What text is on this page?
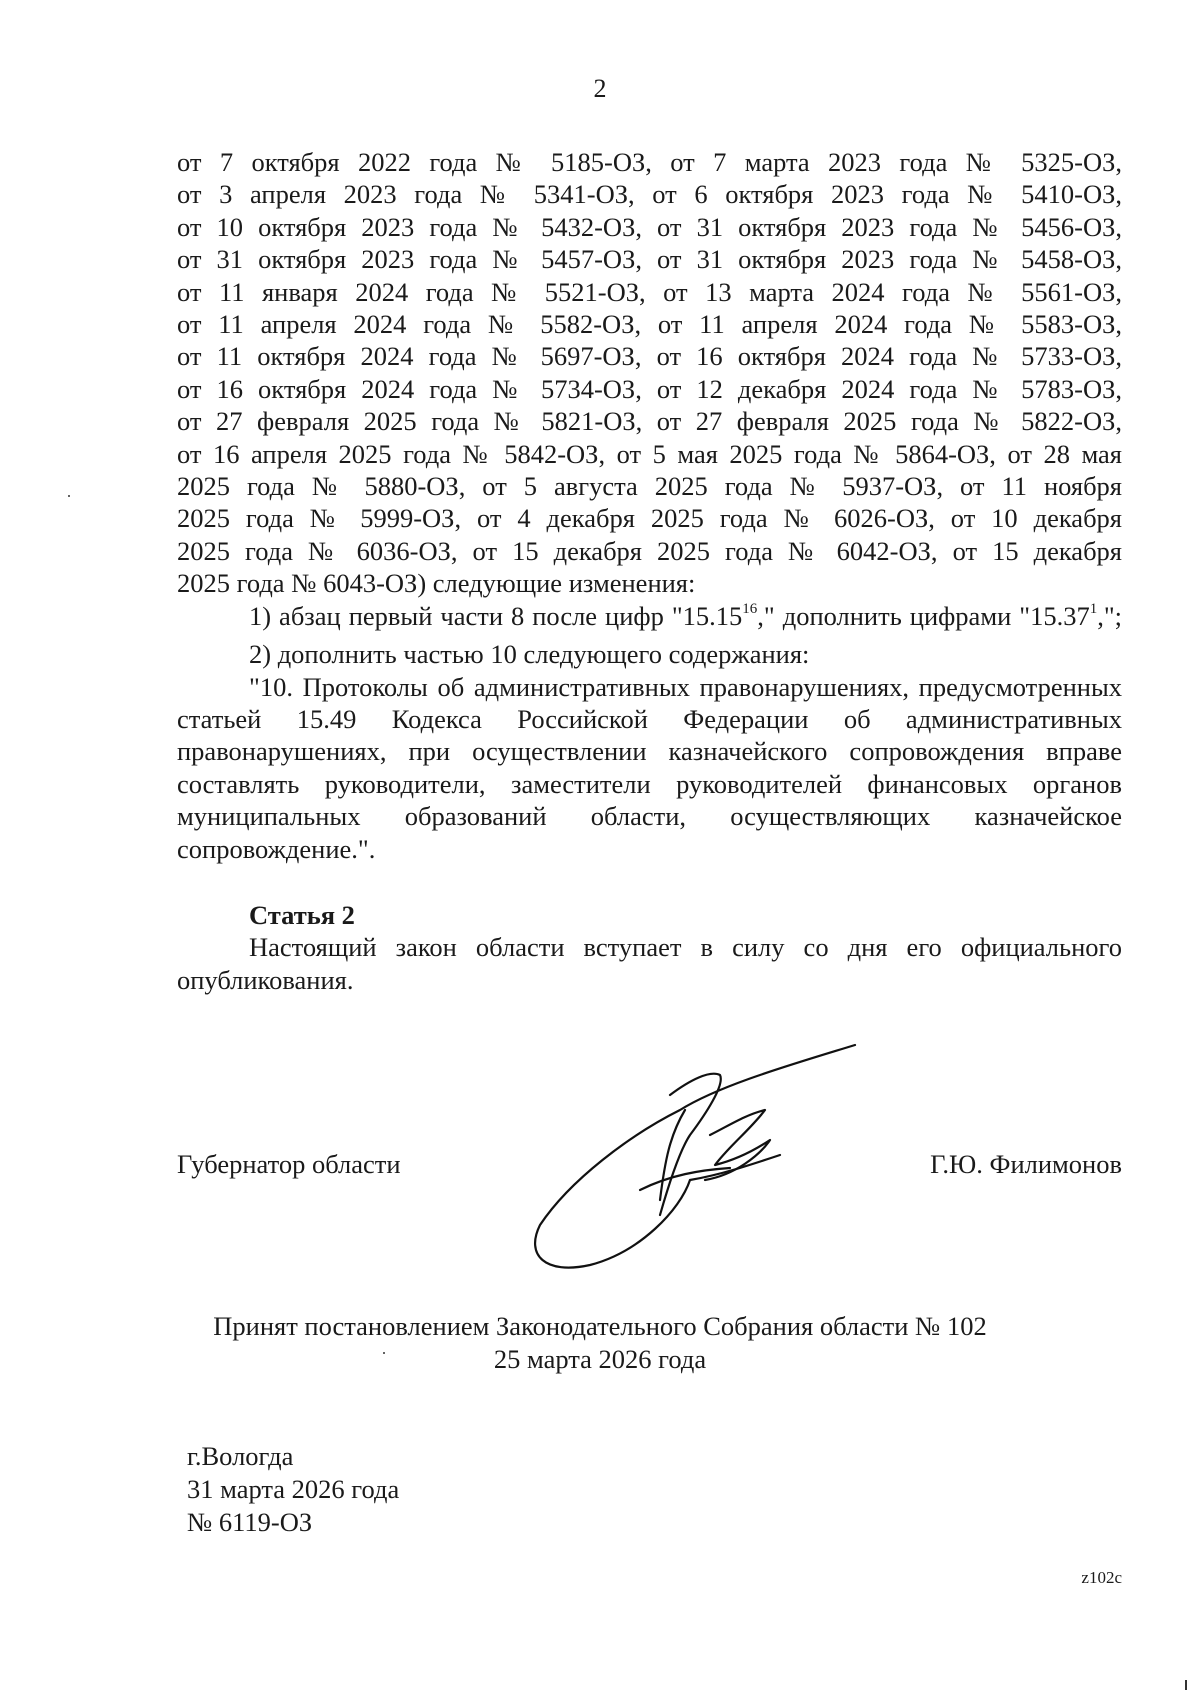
2
от 7 октября 2022 года № 5185-ОЗ, от 7 марта 2023 года № 5325-ОЗ,
от 3 апреля 2023 года № 5341-ОЗ, от 6 октября 2023 года № 5410-ОЗ,
от 10 октября 2023 года № 5432-ОЗ, от 31 октября 2023 года № 5456-ОЗ,
от 31 октября 2023 года № 5457-ОЗ, от 31 октября 2023 года № 5458-ОЗ,
от 11 января 2024 года № 5521-ОЗ, от 13 марта 2024 года № 5561-ОЗ,
от 11 апреля 2024 года № 5582-ОЗ, от 11 апреля 2024 года № 5583-ОЗ,
от 11 октября 2024 года № 5697-ОЗ, от 16 октября 2024 года № 5733-ОЗ,
от 16 октября 2024 года № 5734-ОЗ, от 12 декабря 2024 года № 5783-ОЗ,
от 27 февраля 2025 года № 5821-ОЗ, от 27 февраля 2025 года № 5822-ОЗ,
от 16 апреля 2025 года № 5842-ОЗ, от 5 мая 2025 года № 5864-ОЗ, от 28 мая
2025 года № 5880-ОЗ, от 5 августа 2025 года № 5937-ОЗ, от 11 ноября
2025 года № 5999-ОЗ, от 4 декабря 2025 года № 6026-ОЗ, от 10 декабря
2025 года № 6036-ОЗ, от 15 декабря 2025 года № 6042-ОЗ, от 15 декабря
2025 года № 6043-ОЗ) следующие изменения:
1) абзац первый части 8 после цифр "15.15$^{16}$," дополнить цифрами "15.37$^1$,";
2) дополнить частью 10 следующего содержания:
"10. Протоколы об административных правонарушениях, предусмотренных статьей 15.49 Кодекса Российской Федерации об административных правонарушениях, при осуществлении казначейского сопровождения вправе составлять руководители, заместители руководителей финансовых органов муниципальных образований области, осуществляющих казначейское сопровождение.".
Статья 2
Настоящий закон области вступает в силу со дня его официального опубликования.
Губернатор области	Г.Ю. Филимонов
Принят постановлением Законодательного Собрания области № 102
25 марта 2026 года
г.Вологда
31 марта 2026 года
№ 6119-ОЗ
z102c
